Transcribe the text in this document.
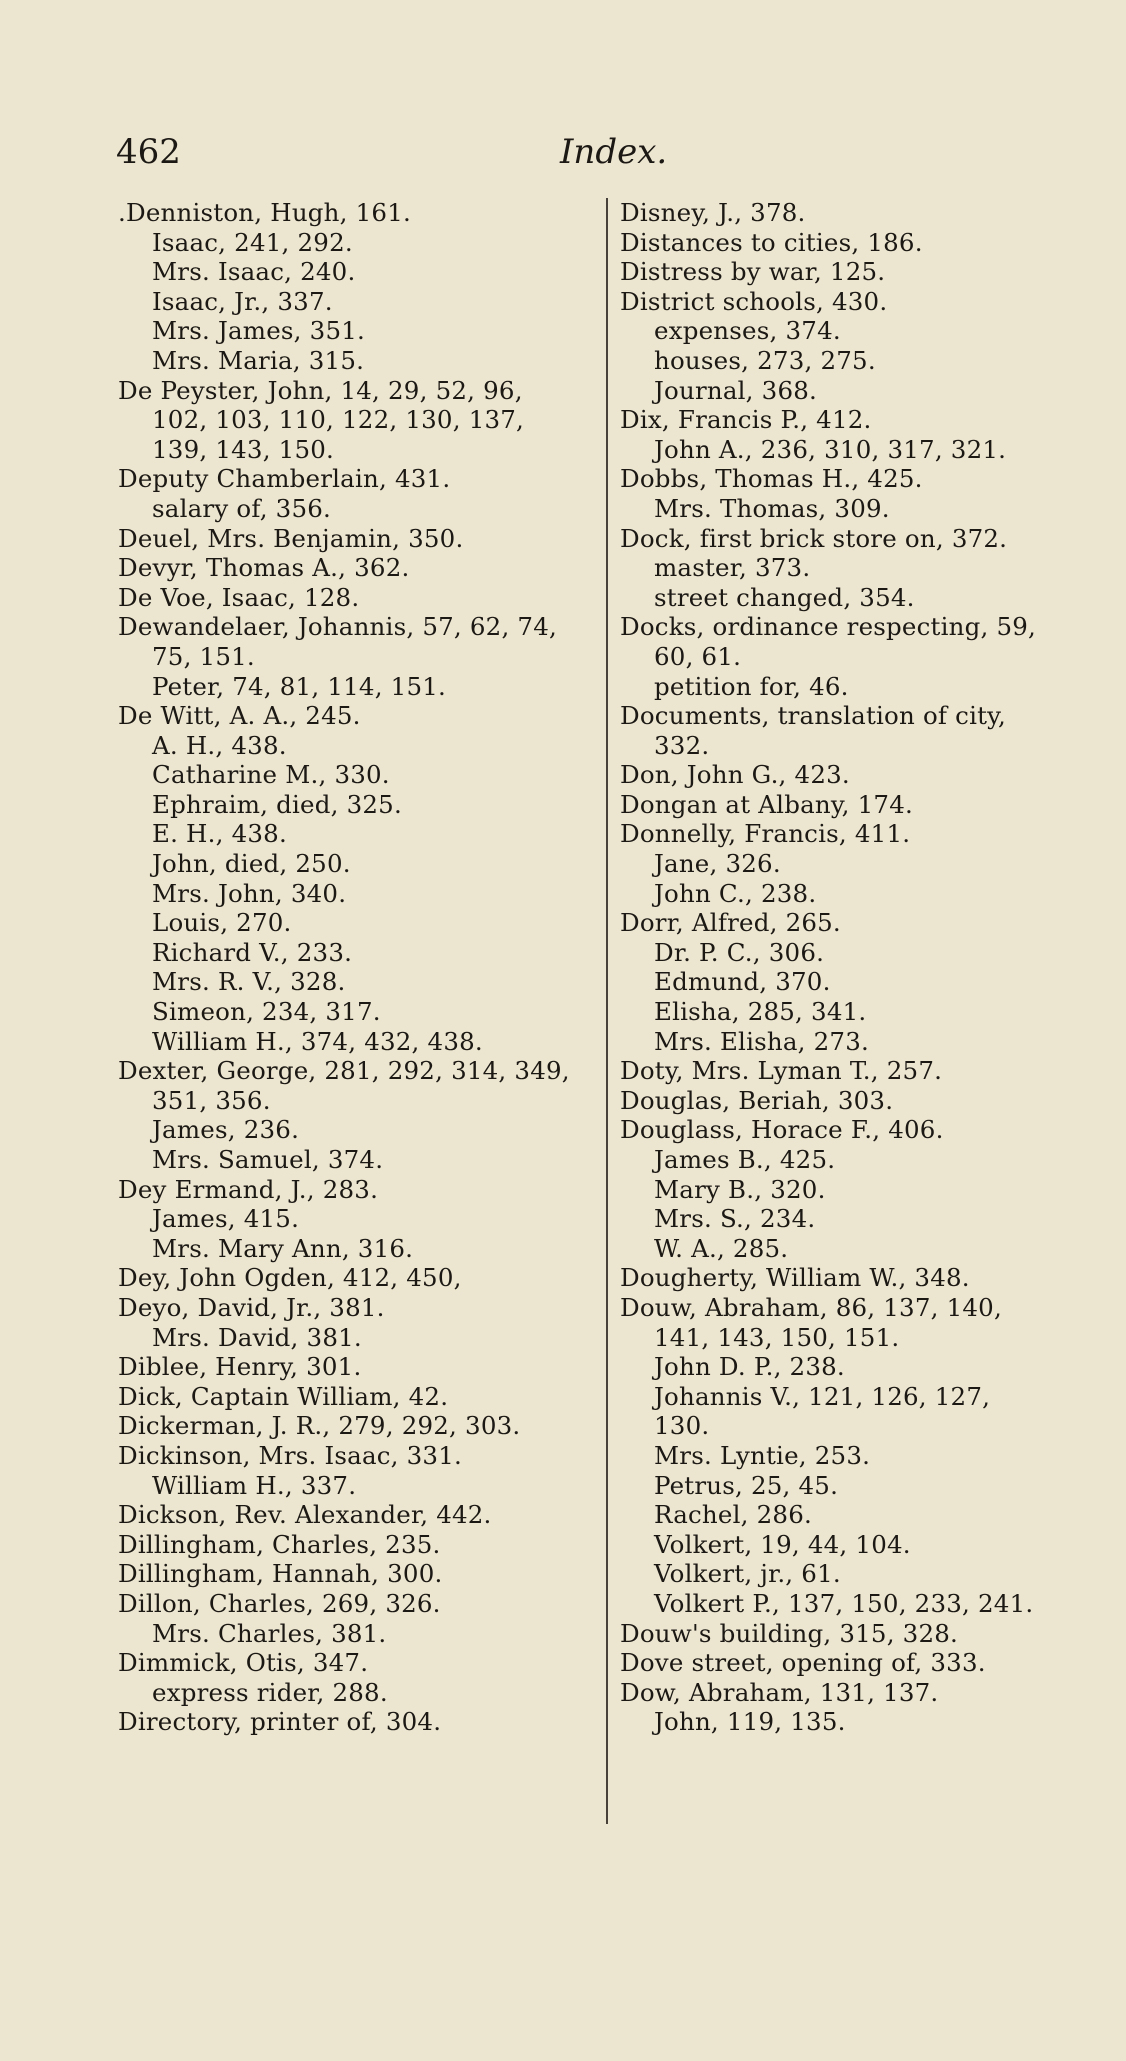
462	Index.
.Denniston, Hugh, 161.
Isaac, 241, 292.
Mrs. Isaac, 240.
Isaac, Jr., 337.
Mrs. James, 351.
Mrs. Maria, 315.
De Peyster, John, 14, 29, 52, 96,
102, 103, 110, 122, 130, 137,
139, 143, 150.
Deputy Chamberlain, 431.
salary of, 356.
Deuel, Mrs. Benjamin, 350.
Devyr, Thomas A., 362.
De Voe, Isaac, 128.
Dewandelaer, Johannis, 57, 62, 74,
75, 151.
Peter, 74, 81, 114, 151.
De Witt, A. A., 245.
A. H., 438.
Catharine M., 330.
Ephraim, died, 325.
E. H., 438.
John, died, 250.
Mrs. John, 340.
Louis, 270.
Richard V., 233.
Mrs. R. V., 328.
Simeon, 234, 317.
William H., 374, 432, 438.
Dexter, George, 281, 292, 314, 349,
351, 356.
James, 236.
Mrs. Samuel, 374.
Dey Ermand, J., 283.
James, 415.
Mrs. Mary Ann, 316.
Dey, John Ogden, 412, 450,
Deyo, David, Jr., 381.
Mrs. David, 381.
Diblee, Henry, 301.
Dick, Captain William, 42.
Dickerman, J. R., 279, 292, 303.
Dickinson, Mrs. Isaac, 331.
William H., 337.
Dickson, Rev. Alexander, 442.
Dillingham, Charles, 235.
Dillingham, Hannah, 300.
Dillon, Charles, 269, 326.
Mrs. Charles, 381.
Dimmick, Otis, 347.
express rider, 288.
Directory, printer of, 304.
Disney, J., 378.
Distances to cities, 186.
Distress by war, 125.
District schools, 430.
expenses, 374.
houses, 273, 275.
Journal, 368.
Dix, Francis P., 412.
John A., 236, 310, 317, 321.
Dobbs, Thomas H., 425.
Mrs. Thomas, 309.
Dock, first brick store on, 372.
master, 373.
street changed, 354.
Docks, ordinance respecting, 59,
60, 61.
petition for, 46.
Documents, translation of city,
332.
Don, John G., 423.
Dongan at Albany, 174.
Donnelly, Francis, 411.
Jane, 326.
John C., 238.
Dorr, Alfred, 265.
Dr. P. C., 306.
Edmund, 370.
Elisha, 285, 341.
Mrs. Elisha, 273.
Doty, Mrs. Lyman T., 257.
Douglas, Beriah, 303.
Douglass, Horace F., 406.
James B., 425.
Mary B., 320.
Mrs. S., 234.
W. A., 285.
Dougherty, William W., 348.
Douw, Abraham, 86, 137, 140,
141, 143, 150, 151.
John D. P., 238.
Johannis V., 121, 126, 127,
130.
Mrs. Lyntie, 253.
Petrus, 25, 45.
Rachel, 286.
Volkert, 19, 44, 104.
Volkert, jr., 61.
Volkert P., 137, 150, 233, 241.
Douw's building, 315, 328.
Dove street, opening of, 333.
Dow, Abraham, 131, 137.
John, 119, 135.
